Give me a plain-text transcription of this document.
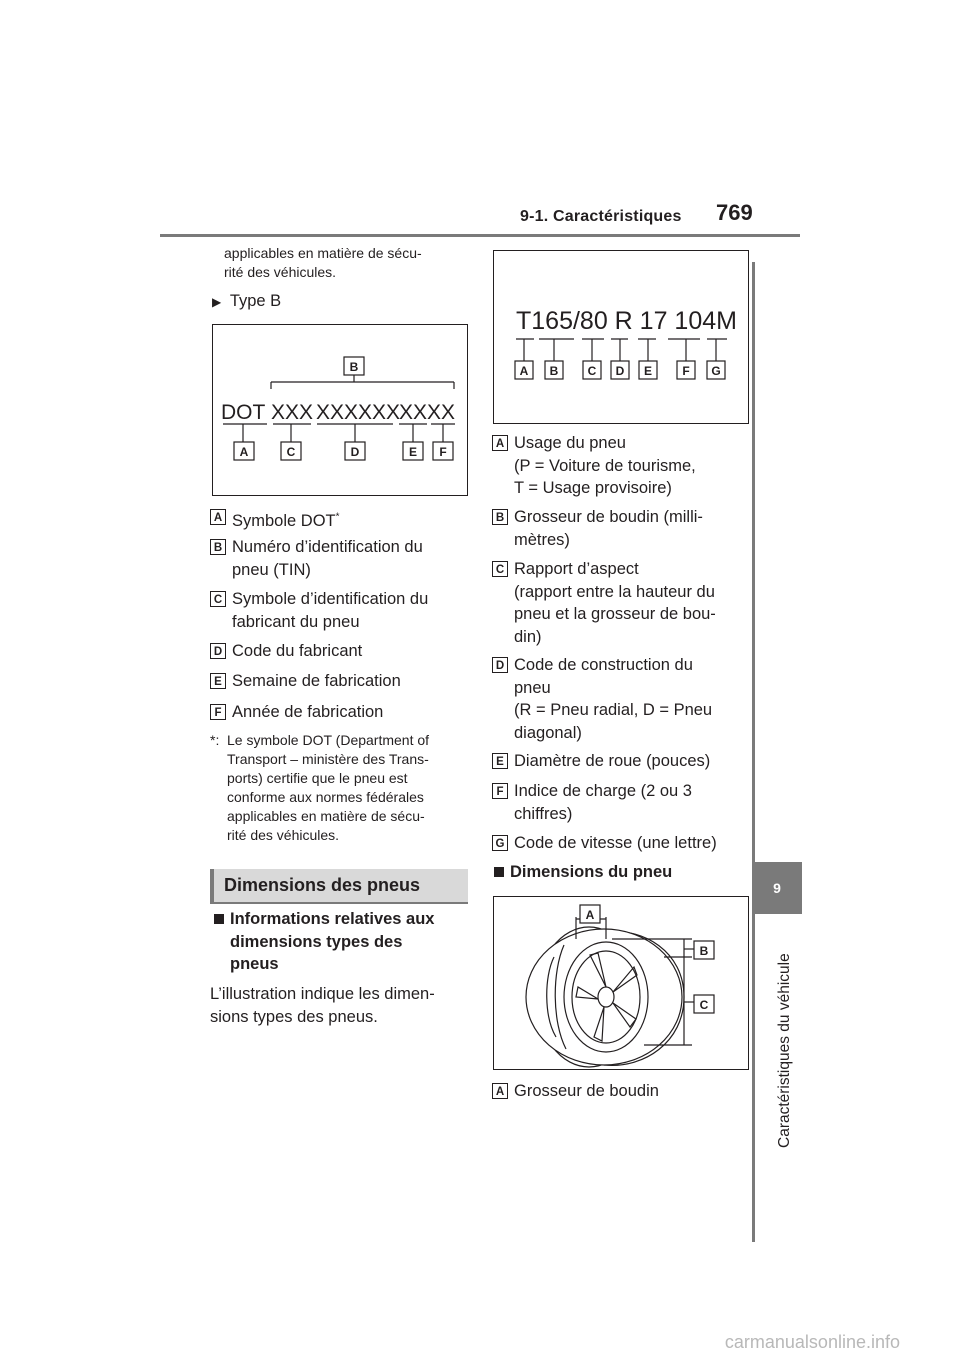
9-1. Caractéristiques 769
9
Caractéristiques du véhicule
applicables en matière de sécu-
rité des véhicules.
▶ Type B
DOT XXX XXXXXX
XXXX
B
A	C	D	E F
A Symbole DOT*
B Numéro d’identification du
pneu (TIN)
C Symbole d’identification du
fabricant du pneu
D Code du fabricant
E Semaine de fabrication
F Année de fabrication
*: Le symbole DOT (Department of
Transport – ministère des Trans-
ports) certifie que le pneu est
conforme aux normes fédérales
applicables en matière de sécu-
rité des véhicules.
Dimensions des pneus
Informations relatives aux
dimensions types des
pneus
L’illustration indique les dimen-
sions types des pneus.
T165/80 R 17 104M
A B C D E	F G
A Usage du pneu
(P = Voiture de tourisme,
T = Usage provisoire)
B Grosseur de boudin (milli-
mètres)
C Rapport d’aspect
(rapport entre la hauteur du
pneu et la grosseur de bou-
din)
D Code de construction du
pneu
(R = Pneu radial, D = Pneu
diagonal)
E Diamètre de roue (pouces)
F Indice de charge (2 ou 3
chiffres)
G Code de vitesse (une lettre)
Dimensions du pneu
A
B
C
A Grosseur de boudin
carmanualsonline.info
